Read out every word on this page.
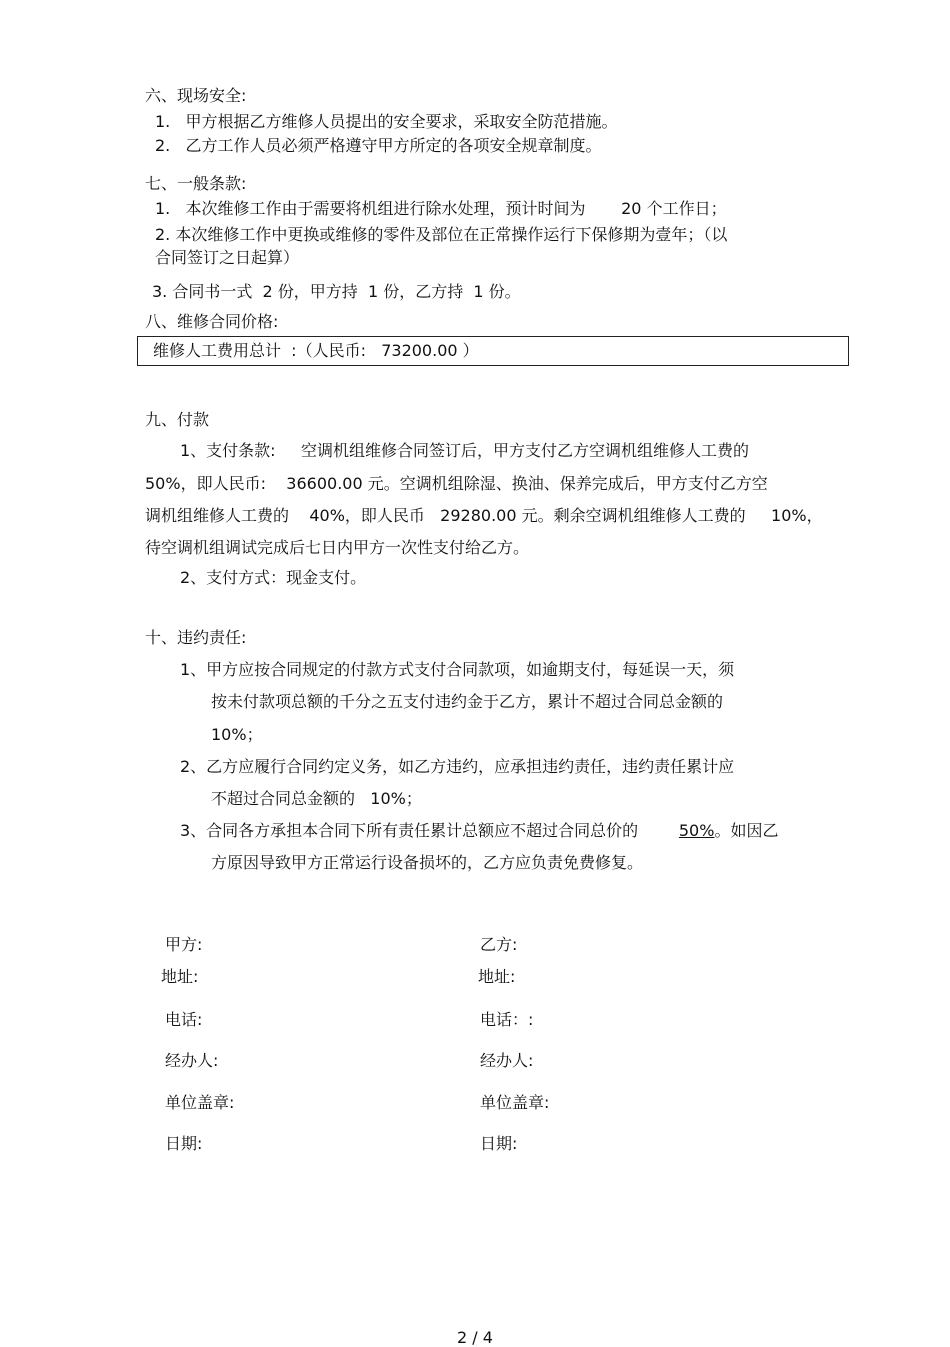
六、现场安全:
1.   甲方根据乙方维修人员提出的安全要求，采取安全防范措施。
2.   乙方工作人员必须严格遵守甲方所定的各项安全规章制度。
七、一般条款:
1.   本次维修工作由于需要将机组进行除水处理，预计时间为       20 个工作日；
2. 本次维修工作中更换或维修的零件及部位在正常操作运行下保修期为壹年；（以
合同签订之日起算）
3. 合同书一式  2 份，甲方持  1 份，乙方持  1 份。
八、维修合同价格:
维修人工费用总计  :（人民币:   73200.00 ）
九、付款
1、支付条款:     空调机组维修合同签订后，甲方支付乙方空调机组维修人工费的
50%，即人民币:    36600.00 元。空调机组除湿、换油、保养完成后，甲方支付乙方空
调机组维修人工费的    40%，即人民币   29280.00 元。剩余空调机组维修人工费的     10%，
待空调机组调试完成后七日内甲方一次性支付给乙方。
2、支付方式：现金支付。
十、违约责任:
1、甲方应按合同规定的付款方式支付合同款项，如逾期支付，每延误一天，须
按未付款项总额的千分之五支付违约金于乙方，累计不超过合同总金额的
10%；
2、乙方应履行合同约定义务，如乙方违约，应承担违约责任，违约责任累计应
不超过合同总金额的   10%；
3、合同各方承担本合同下所有责任累计总额应不超过合同总价的        50%。如因乙
方原因导致甲方正常运行设备损坏的，乙方应负责免费修复。
甲方:
地址:
电话:
经办人:
单位盖章:
日期:
乙方:
地址:
电话：:
经办人:
单位盖章:
日期:
2 / 4
